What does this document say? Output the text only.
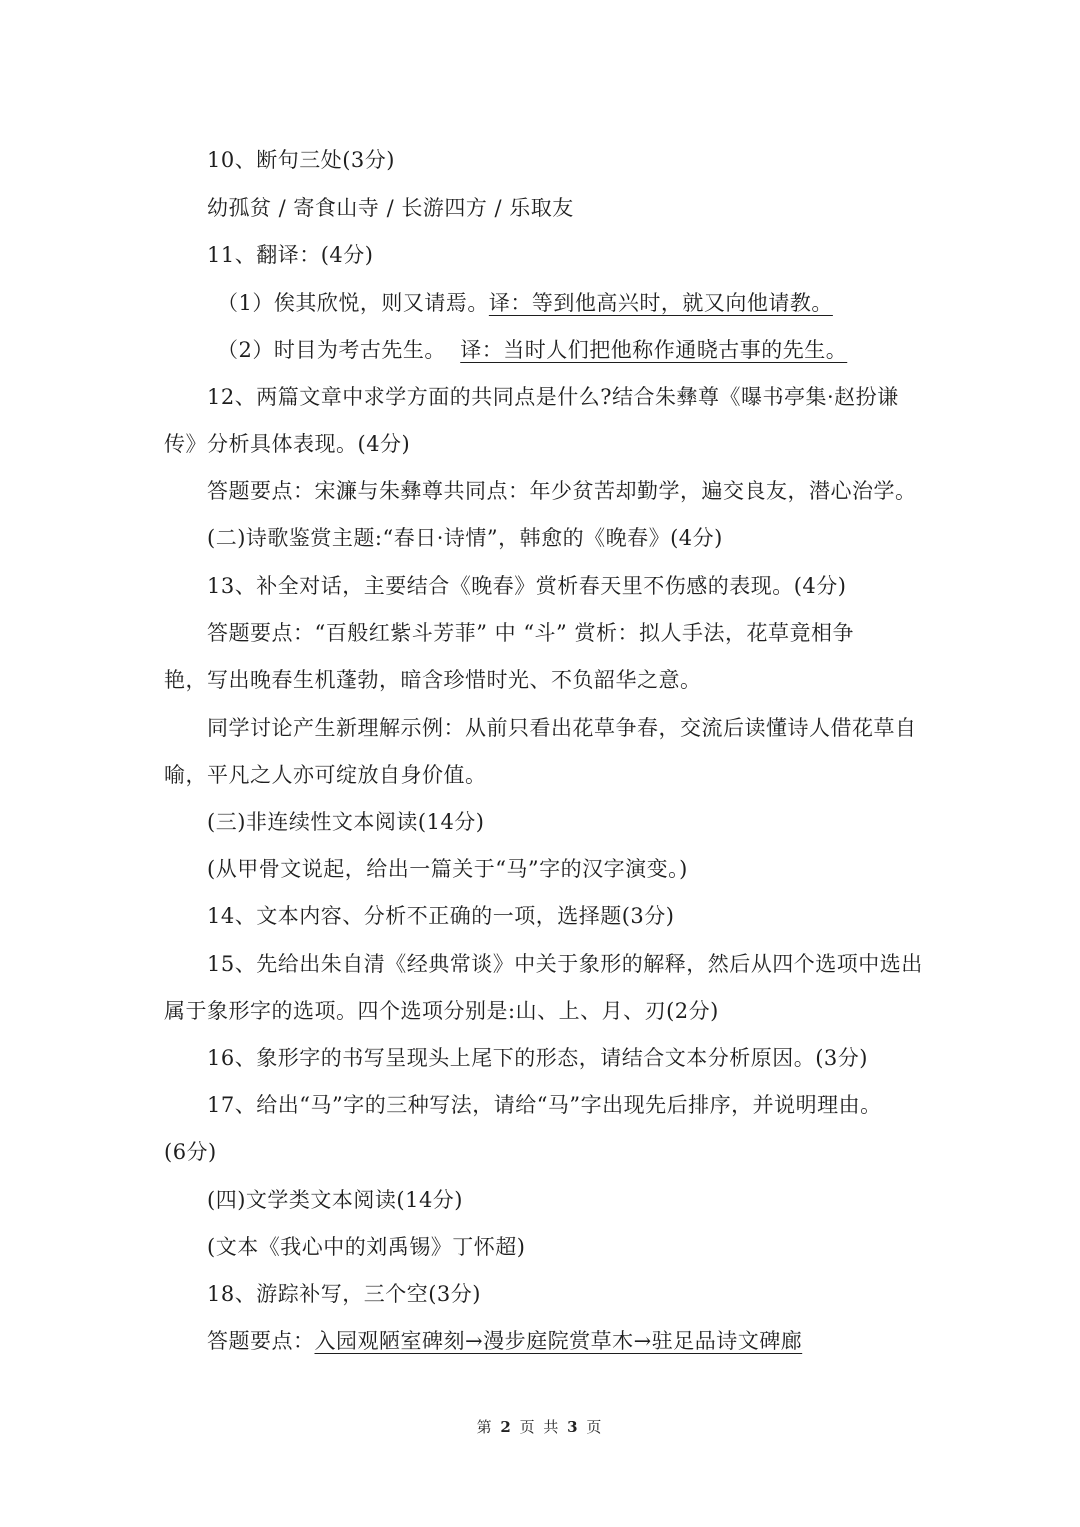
10、断句三处(3分)
幼孤贫 / 寄食山寺 / 长游四方 / 乐取友
11、翻译：(4分)
（1）俟其欣悦，则又请焉。译：等到他高兴时，就又向他请教。
（2）时目为考古先生。 译：当时人们把他称作通晓古事的先生。
12、两篇文章中求学方面的共同点是什么?结合朱彝尊《曝书亭集·赵扮谦
传》分析具体表现。(4分)
答题要点：宋濂与朱彝尊共同点：年少贫苦却勤学，遍交良友，潜心治学。
(二)诗歌鉴赏主题:“春日·诗情”，韩愈的《晚春》(4分)
13、补全对话，主要结合《晚春》赏析春天里不伤感的表现。(4分)
答题要点：“百般红紫斗芳菲” 中 “斗” 赏析：拟人手法，花草竟相争
艳，写出晚春生机蓬勃，暗含珍惜时光、不负韶华之意。
同学讨论产生新理解示例：从前只看出花草争春，交流后读懂诗人借花草自
喻，平凡之人亦可绽放自身价值。
(三)非连续性文本阅读(14分)
(从甲骨文说起，给出一篇关于“马”字的汉字演变。)
14、文本内容、分析不正确的一项，选择题(3分)
15、先给出朱自清《经典常谈》中关于象形的解释，然后从四个选项中选出
属于象形字的选项。四个选项分别是:山、上、月、刃(2分)
16、象形字的书写呈现头上尾下的形态，请结合文本分析原因。(3分)
17、给出“马”字的三种写法，请给“马”字出现先后排序，并说明理由。
(6分)
(四)文学类文本阅读(14分)
(文本《我心中的刘禹锡》丁怀超)
18、游踪补写，三个空(3分)
答题要点：入园观陋室碑刻→漫步庭院赏草木→驻足品诗文碑廊
第 2 页 共 3 页
